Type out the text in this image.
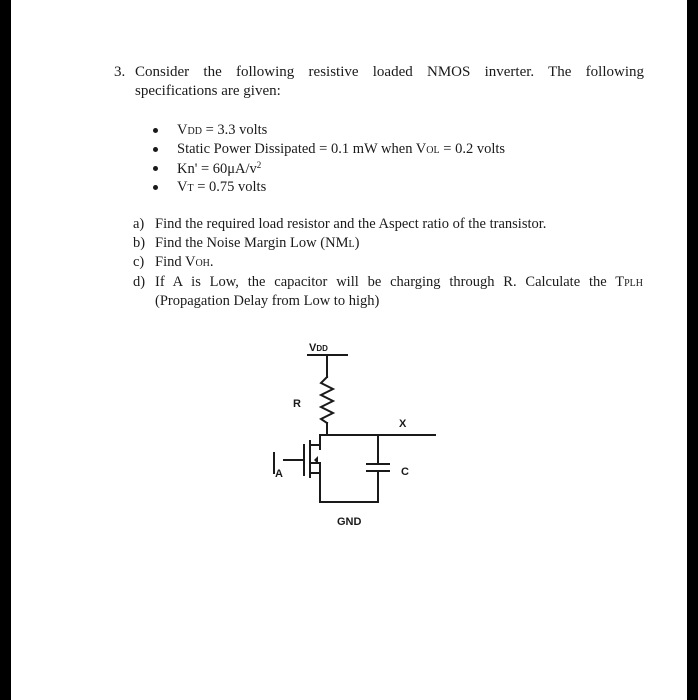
3. Consider the following resistive loaded NMOS inverter. The following
specifications are given:
VDD = 3.3 volts
Static Power Dissipated = 0.1 mW when VOL = 0.2 volts
$Kn' = 60\mu A/v^2$
VT = 0.75 volts
a) Find the required load resistor and the Aspect ratio of the transistor.
b) Find the Noise Margin Low (NML)
c) Find VOH.
d) If A is Low, the capacitor will be charging through R. Calculate the TPLH
(Propagation Delay from Low to high)
VDD
R
X
A	C
GND
